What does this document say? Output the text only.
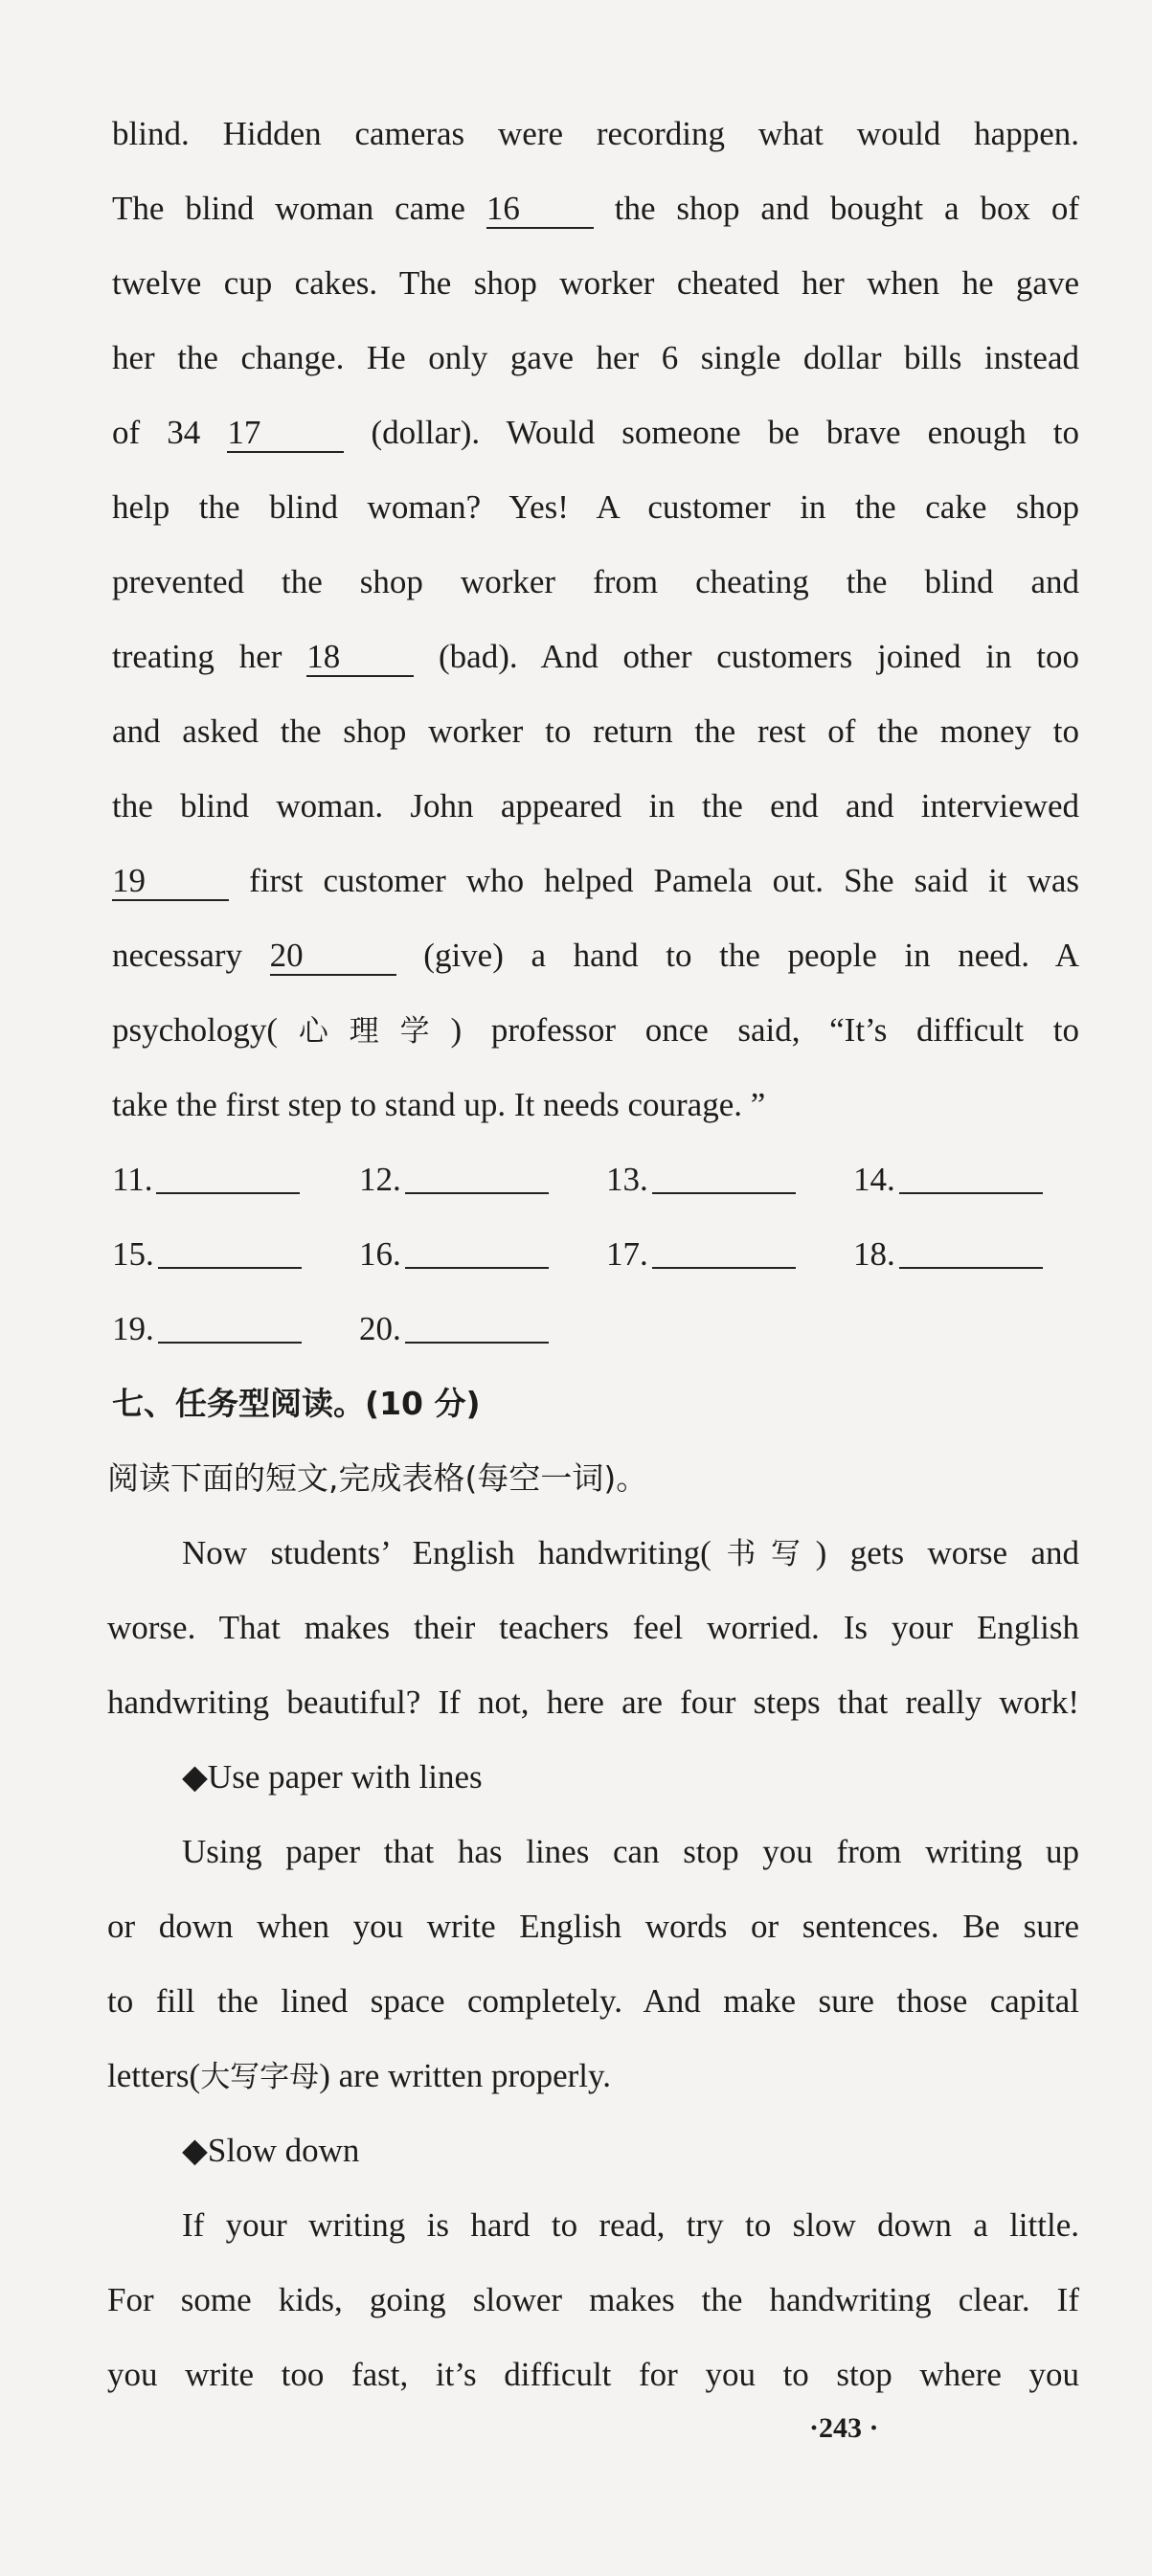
blind. Hidden cameras were recording what would happen.
The blind woman came 16	the shop and bought a box of
twelve cup cakes. The shop worker cheated her when he gave
her the change. He only gave her 6 single dollar bills instead
of 34 17	(dollar). Would someone be brave enough to
help the blind woman? Yes! A customer in the cake shop
prevented the shop worker from cheating the blind and
treating her 18	(bad). And other customers joined in too
and asked the shop worker to return the rest of the money to
the blind woman. John appeared in the end and interviewed
19	first customer who helped Pamela out. She said it was
necessary 20	(give) a hand to the people in need. A
psychology(心理学) professor once said, “It’s difficult to
take the first step to stand up. It needs courage. ”
11.	12.	13.	14.
15.	16.	17.	18.
19.	20.
七、任务型阅读。(10 分)
阅读下面的短文,完成表格(每空一词)。
Now students’ English handwriting(书写) gets worse and
worse. That makes their teachers feel worried. Is your English
handwriting beautiful? If not, here are four steps that really work!
◆Use paper with lines
Using paper that has lines can stop you from writing up
or down when you write English words or sentences. Be sure
to fill the lined space completely. And make sure those capital
letters(大写字母) are written properly.
◆Slow down
If your writing is hard to read, try to slow down a little.
For some kids, going slower makes the handwriting clear. If
you write too fast, it’s difficult for you to stop where you
·243 ·
